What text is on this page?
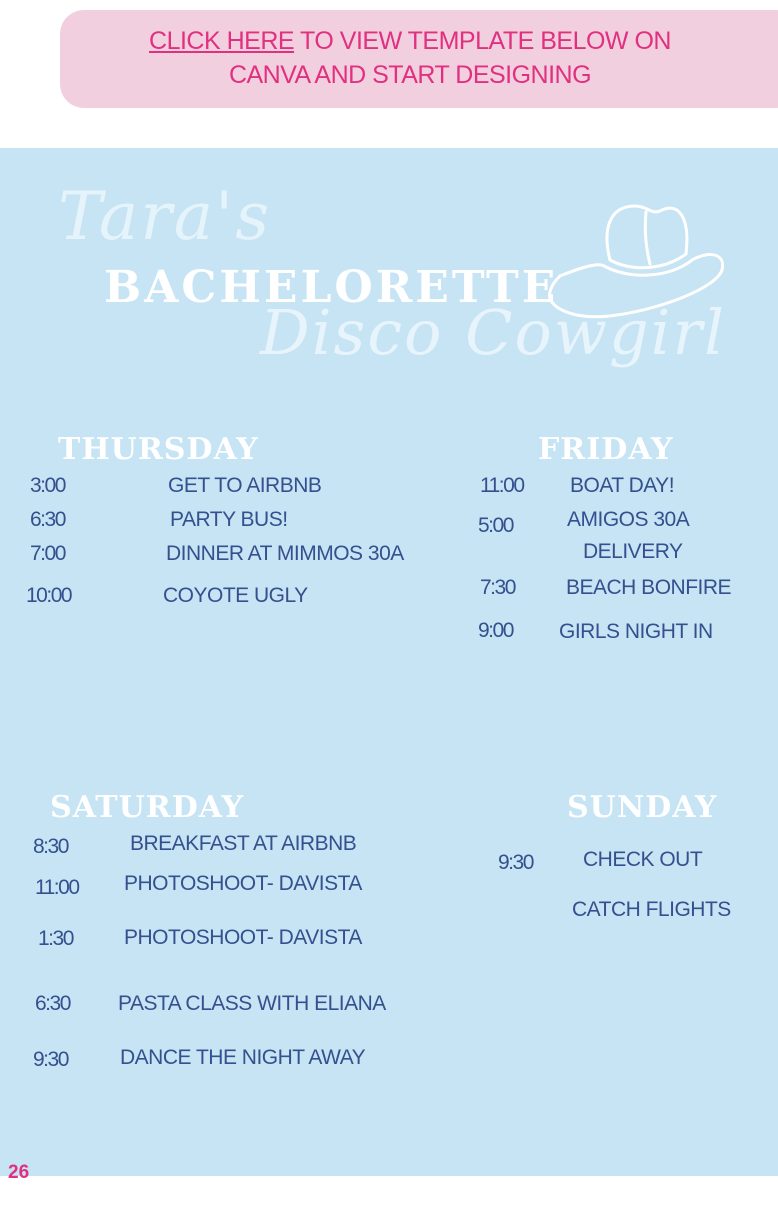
CLICK HERE TO VIEW TEMPLATE BELOW ON
CANVA AND START DESIGNING
Tara's
Disco Cowgirl
BACHELORETTE
THURSDAY
3:00	GET TO AIRBNB
6:30	PARTY BUS!
7:00	DINNER AT MIMMOS 30A
10:00	COYOTE UGLY
FRIDAY
11:00 BOAT DAY!
5:00	AMIGOS 30A
DELIVERY
7:30 BEACH BONFIRE
9:00 GIRLS NIGHT IN
SATURDAY
8:30	BREAKFAST AT AIRBNB
11:00 PHOTOSHOOT- DAVISTA
1:30 PHOTOSHOOT- DAVISTA
6:30 PASTA CLASS WITH ELIANA
9:30 DANCE THE NIGHT AWAY
SUNDAY
9:30 CHECK OUT
CATCH FLIGHTS
26
